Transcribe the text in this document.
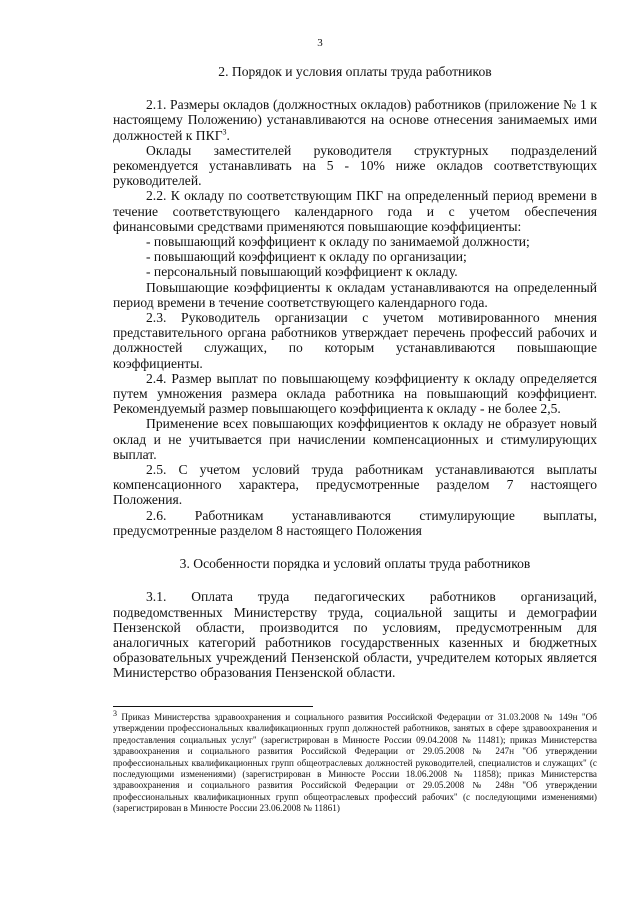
3

2. Порядок и условия оплаты труда работников

2.1. Размеры окладов (должностных окладов) работников (приложение № 1 к настоящему Положению) устанавливаются на основе отнесения занимаемых ими должностей к ПКГ$^3$.

Оклады заместителей руководителя структурных подразделений рекомендуется устанавливать на 5 - 10% ниже окладов соответствующих руководителей.

2.2. К окладу по соответствующим ПКГ на определенный период времени в течение соответствующего календарного года и с учетом обеспечения финансовыми средствами применяются повышающие коэффициенты:

- повышающий коэффициент к окладу по занимаемой должности;

- повышающий коэффициент к окладу по организации;

- персональный повышающий коэффициент к окладу.

Повышающие коэффициенты к окладам устанавливаются на определенный период времени в течение соответствующего календарного года.

2.3. Руководитель организации с учетом мотивированного мнения представительного органа работников утверждает перечень профессий рабочих и должностей служащих, по которым устанавливаются повышающие коэффициенты.

2.4. Размер выплат по повышающему коэффициенту к окладу определяется путем умножения размера оклада работника на повышающий коэффициент. Рекомендуемый размер повышающего коэффициента к окладу - не более 2,5.

Применение всех повышающих коэффициентов к окладу не образует новый оклад и не учитывается при начислении компенсационных и стимулирующих выплат.

2.5. С учетом условий труда работникам устанавливаются выплаты компенсационного характера, предусмотренные разделом 7 настоящего Положения.

2.6. Работникам устанавливаются стимулирующие выплаты, предусмотренные разделом 8 настоящего Положения

3. Особенности порядка и условий оплаты труда работников

3.1. Оплата труда педагогических работников организаций, подведомственных Министерству труда, социальной защиты и демографии Пензенской области, производится по условиям, предусмотренным для аналогичных категорий работников государственных казенных и бюджетных образовательных учреждений Пензенской области, учредителем которых является Министерство образования Пензенской области.

$^3$ Приказ Министерства здравоохранения и социального развития Российской Федерации от 31.03.2008 № 149н "Об утверждении профессиональных квалификационных групп должностей работников, занятых в сфере здравоохранения и предоставления социальных услуг" (зарегистрирован в Минюсте России 09.04.2008 № 11481); приказ Министерства здравоохранения и социального развития Российской Федерации от 29.05.2008 № 247н "Об утверждении профессиональных квалификационных групп общеотраслевых должностей руководителей, специалистов и служащих" (с последующими изменениями) (зарегистрирован в Минюсте России 18.06.2008 № 11858); приказ Министерства здравоохранения и социального развития Российской Федерации от 29.05.2008 № 248н "Об утверждении профессиональных квалификационных групп общеотраслевых профессий рабочих" (с последующими изменениями) (зарегистрирован в Минюсте России 23.06.2008 № 11861)
